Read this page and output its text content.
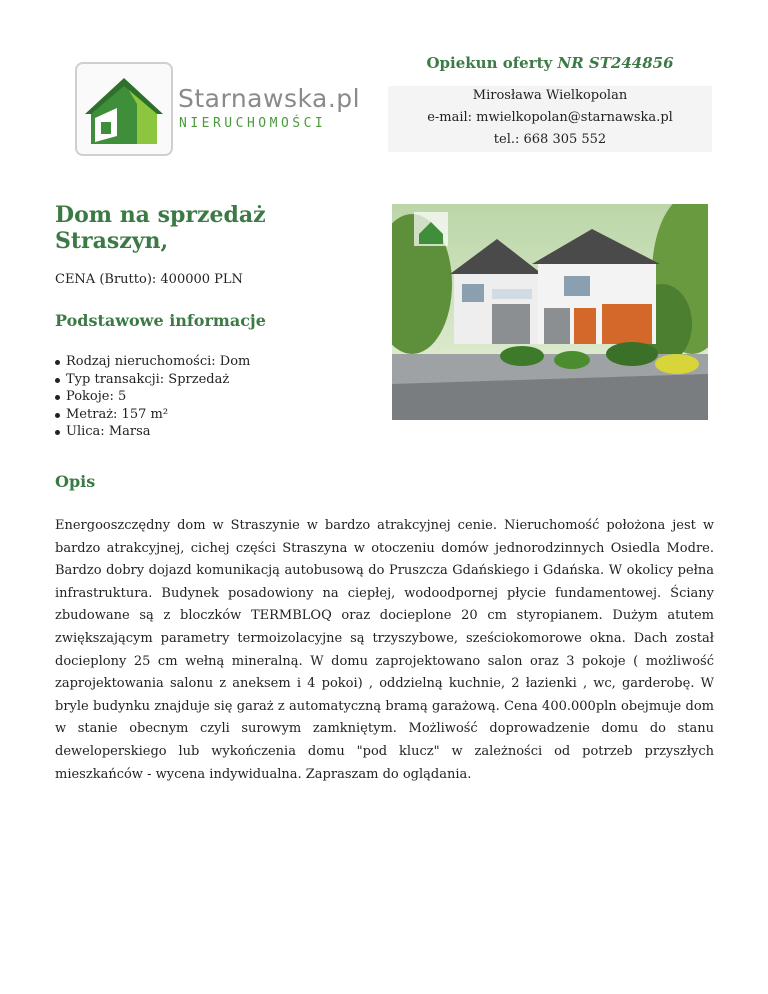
Starnawska.pl
NIERUCHOMOŚCI
Opiekun oferty NR ST244856
Mirosława Wielkopolan
e-mail: mwielkopolan@starnawska.pl
tel.: 668 305 552
Dom na sprzedaż
Straszyn,
CENA (Brutto): 400000 PLN
Podstawowe informacje
Rodzaj nieruchomości: Dom
Typ transakcji: Sprzedaż
Pokoje: 5
Metraż: 157 m²
Ulica: Marsa
Opis

Energooszczędny dom w Straszynie w bardzo atrakcyjnej cenie. Nieruchomość położona jest w bardzo atrakcyjnej, cichej części Straszyna w otoczeniu domów jednorodzinnych Osiedla Modre. Bardzo dobry dojazd komunikacją autobusową do Pruszcza Gdańskiego i Gdańska. W okolicy pełna infrastruktura. Budynek posadowiony na ciepłej, wodoodpornej płycie fundamentowej. Ściany zbudowane są z bloczków TERMBLOQ oraz docieplone 20 cm styropianem. Dużym atutem zwiększającym parametry termoizolacyjne są trzyszybowe, sześciokomorowe okna. Dach został docieplony 25 cm wełną mineralną. W domu zaprojektowano salon oraz 3 pokoje ( możliwość zaprojektowania salonu z aneksem i 4 pokoi) , oddzielną kuchnie, 2 łazienki , wc, garderobę. W bryle budynku znajduje się garaż z automatyczną bramą garażową. Cena 400.000pln obejmuje dom w stanie obecnym czyli surowym zamkniętym. Możliwość doprowadzenie domu do stanu deweloperskiego lub wykończenia domu "pod klucz" w zależności od potrzeb przyszłych mieszkańców - wycena indywidualna. Zapraszam do oglądania.
